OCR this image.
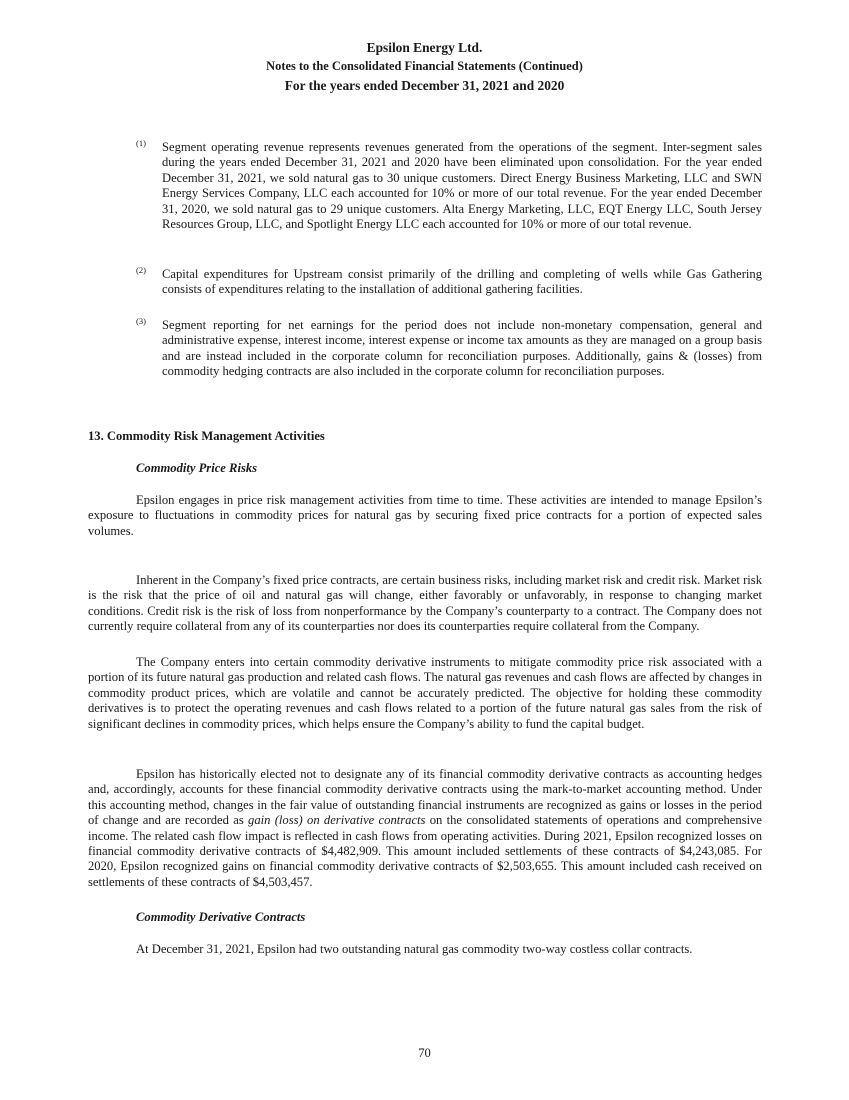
Epsilon Energy Ltd.
Notes to the Consolidated Financial Statements (Continued)
For the years ended December 31, 2021 and 2020
(1) Segment operating revenue represents revenues generated from the operations of the segment. Inter-segment sales during the years ended December 31, 2021 and 2020 have been eliminated upon consolidation. For the year ended December 31, 2021, we sold natural gas to 30 unique customers. Direct Energy Business Marketing, LLC and SWN Energy Services Company, LLC each accounted for 10% or more of our total revenue. For the year ended December 31, 2020, we sold natural gas to 29 unique customers. Alta Energy Marketing, LLC, EQT Energy LLC, South Jersey Resources Group, LLC, and Spotlight Energy LLC each accounted for 10% or more of our total revenue.
(2) Capital expenditures for Upstream consist primarily of the drilling and completing of wells while Gas Gathering consists of expenditures relating to the installation of additional gathering facilities.
(3) Segment reporting for net earnings for the period does not include non-monetary compensation, general and administrative expense, interest income, interest expense or income tax amounts as they are managed on a group basis and are instead included in the corporate column for reconciliation purposes. Additionally, gains & (losses) from commodity hedging contracts are also included in the corporate column for reconciliation purposes.
13. Commodity Risk Management Activities
Commodity Price Risks
Epsilon engages in price risk management activities from time to time. These activities are intended to manage Epsilon’s exposure to fluctuations in commodity prices for natural gas by securing fixed price contracts for a portion of expected sales volumes.
Inherent in the Company’s fixed price contracts, are certain business risks, including market risk and credit risk. Market risk is the risk that the price of oil and natural gas will change, either favorably or unfavorably, in response to changing market conditions. Credit risk is the risk of loss from nonperformance by the Company’s counterparty to a contract. The Company does not currently require collateral from any of its counterparties nor does its counterparties require collateral from the Company.
The Company enters into certain commodity derivative instruments to mitigate commodity price risk associated with a portion of its future natural gas production and related cash flows. The natural gas revenues and cash flows are affected by changes in commodity product prices, which are volatile and cannot be accurately predicted. The objective for holding these commodity derivatives is to protect the operating revenues and cash flows related to a portion of the future natural gas sales from the risk of significant declines in commodity prices, which helps ensure the Company’s ability to fund the capital budget.
Epsilon has historically elected not to designate any of its financial commodity derivative contracts as accounting hedges and, accordingly, accounts for these financial commodity derivative contracts using the mark-to-market accounting method. Under this accounting method, changes in the fair value of outstanding financial instruments are recognized as gains or losses in the period of change and are recorded as gain (loss) on derivative contracts on the consolidated statements of operations and comprehensive income. The related cash flow impact is reflected in cash flows from operating activities. During 2021, Epsilon recognized losses on financial commodity derivative contracts of $4,482,909. This amount included settlements of these contracts of $4,243,085. For 2020, Epsilon recognized gains on financial commodity derivative contracts of $2,503,655. This amount included cash received on settlements of these contracts of $4,503,457.
Commodity Derivative Contracts
At December 31, 2021, Epsilon had two outstanding natural gas commodity two-way costless collar contracts.
70
